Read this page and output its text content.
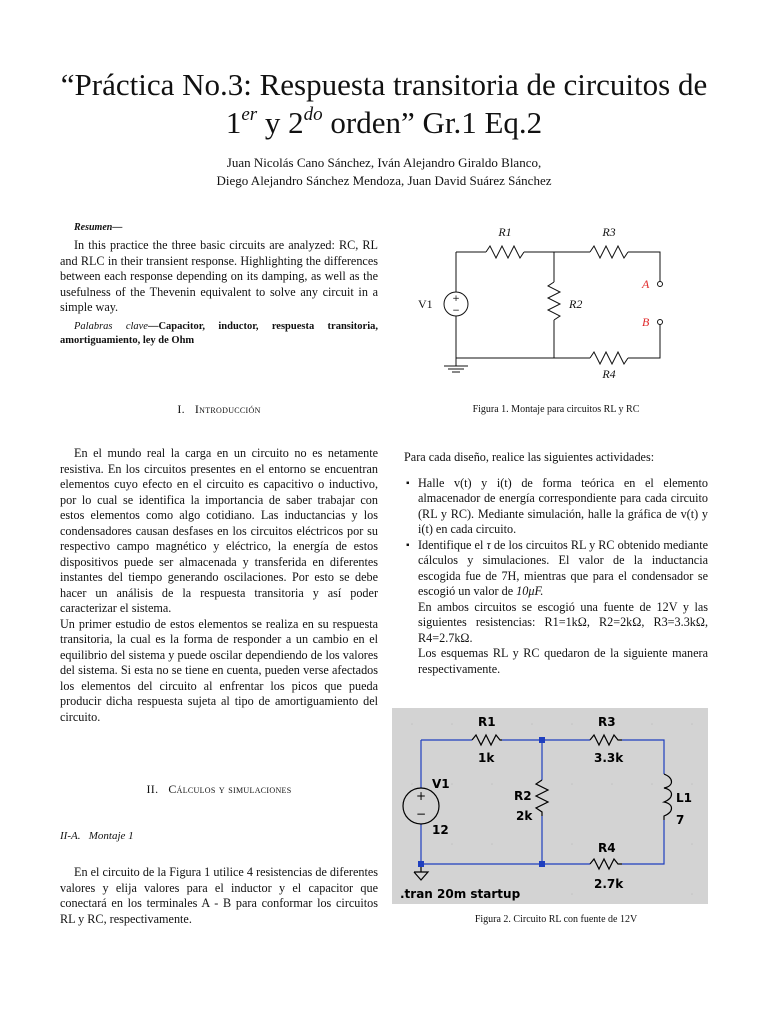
“Práctica No.3: Respuesta transitoria de circuitos de
1er y $2^{do}$ orden” Gr.1 Eq.2
Juan Nicolás Cano Sánchez, Iván Alejandro Giraldo Blanco,
Diego Alejandro Sánchez Mendoza, Juan David Suárez Sánchez
Resumen—
In this practice the three basic circuits are analyzed: RC, RL and RLC in their transient response. Highlighting the differences between each response depending on its damping, as well as the usefulness of the Thevenin equivalent to solve any circuit in a simple way.
Palabras clave—Capacitor, inductor, respuesta transitoria, amortiguamiento, ley de Ohm
I. Introducción

En el mundo real la carga en un circuito no es netamente resistiva. En los circuitos presentes en el entorno se encuentran elementos cuyo efecto en el circuito es capacitivo o inductivo, por lo cual se identifica la importancia de saber trabajar con estos elementos como algo cotidiano. Las inductancias y los condensadores causan desfases en los circuitos eléctricos por su respectivo campo magnético y eléctrico, la energía de estos dispositivos puede ser almacenada y transferida en diferentes instantes del tiempo generando oscilaciones. Por esto se debe hacer un análisis de la respuesta transitoria y así poder caracterizar el sistema.

Un primer estudio de estos elementos se realiza en su respuesta transitoria, la cual es la forma de responder a un cambio en el equilibrio del sistema y puede oscilar dependiendo de los valores del sistema. Si esta no se tiene en cuenta, pueden verse afectados los elementos del circuito al enfrentar los picos que pueda producir dicha respuesta sujeta al tipo de amortiguamiento del circuito.

II. Cálculos y simulaciones
II-A. Montaje 1

En el circuito de la Figura 1 utilice 4 resistencias de diferentes valores y elija valores para el inductor y el capacitor que conectará en los terminales A - B para conformar los circuitos RL y RC, respectivamente.

+
−
R1	R3
R2
R4
V1
A
B
Figura 1. Montaje para circuitos RL y RC

Para cada diseño, realice las siguientes actividades:

▪ Halle v(t) y i(t) de forma teórica en el elemento almacenador de energía correspondiente para cada circuito (RL y RC). Mediante simulación, halle la gráfica de v(t) y i(t) en cada circuito.
▪ Identifique el τ de los circuitos RL y RC obtenido mediante cálculos y simulaciones. El valor de la inductancia escogida fue de 7H, mientras que para el condensador se escogió un valor de 10μF.
En ambos circuitos se escogió una fuente de 12V y las siguientes resistencias: R1=1kΩ, R2=2kΩ, R3=3.3kΩ, R4=2.7kΩ.
Los esquemas RL y RC quedaron de la siguiente manera respectivamente.
+
−
R1
1k
R3
3.3k
R2
2k
R4
2.7k
V1
12
L1
7
.tran 20m startup
Figura 2. Circuito RL con fuente de 12V
